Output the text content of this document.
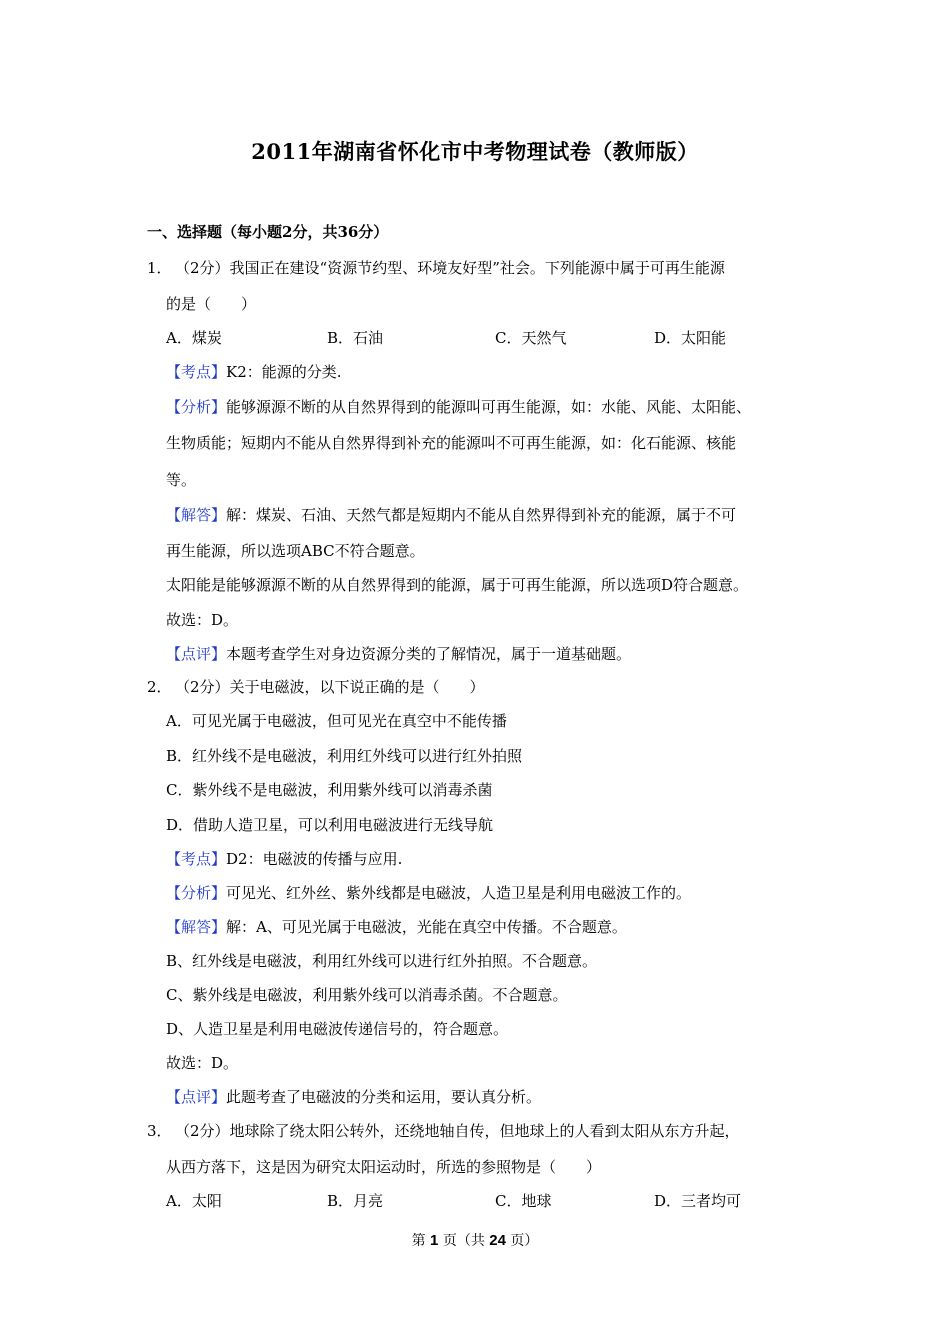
2011年湖南省怀化市中考物理试卷（教师版）
一、选择题（每小题2分，共36分）
1． （2分）我国正在建设“资源节约型、环境友好型”社会。下列能源中属于可再生能源
的是（　　）
A．煤炭	B．石油	C．天然气	D．太阳能
【考点】K2：能源的分类.
【分析】能够源源不断的从自然界得到的能源叫可再生能源，如：水能、风能、太阳能、
生物质能；短期内不能从自然界得到补充的能源叫不可再生能源，如：化石能源、核能
等。
【解答】解：煤炭、石油、天然气都是短期内不能从自然界得到补充的能源，属于不可
再生能源，所以选项ABC不符合题意。
太阳能是能够源源不断的从自然界得到的能源，属于可再生能源，所以选项D符合题意。
故选：D。
【点评】本题考查学生对身边资源分类的了解情况，属于一道基础题。
2． （2分）关于电磁波，以下说正确的是（　　）
A．可见光属于电磁波，但可见光在真空中不能传播
B．红外线不是电磁波，利用红外线可以进行红外拍照
C．紫外线不是电磁波，利用紫外线可以消毒杀菌
D．借助人造卫星，可以利用电磁波进行无线导航
【考点】D2：电磁波的传播与应用.
【分析】可见光、红外丝、紫外线都是电磁波，人造卫星是利用电磁波工作的。
【解答】解：A、可见光属于电磁波，光能在真空中传播。不合题意。
B、红外线是电磁波，利用红外线可以进行红外拍照。不合题意。
C、紫外线是电磁波，利用紫外线可以消毒杀菌。不合题意。
D、人造卫星是利用电磁波传递信号的，符合题意。
故选：D。
【点评】此题考查了电磁波的分类和运用，要认真分析。
3． （2分）地球除了绕太阳公转外，还绕地轴自传，但地球上的人看到太阳从东方升起，
从西方落下，这是因为研究太阳运动时，所选的参照物是（　　）
A．太阳	B．月亮	C．地球	D．三者均可
第 1 页（共 24 页）
